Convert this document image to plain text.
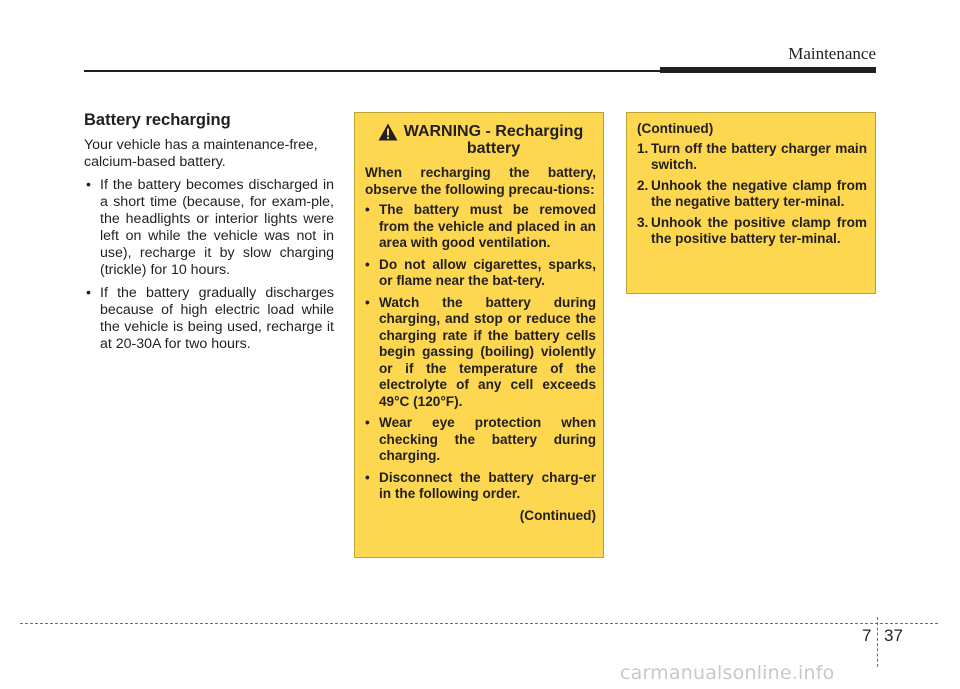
Maintenance
Battery recharging

Your vehicle has a maintenance-free, calcium-based battery.

• If the battery becomes discharged in a short time (because, for exam-ple, the headlights or interior lights were left on while the vehicle was not in use), recharge it by slow charging (trickle) for 10 hours.
• If the battery gradually discharges because of high electric load while the vehicle is being used, recharge it at 20-30A for two hours.
WARNING - Recharging
battery

When recharging the battery, observe the following precau-tions:

• The battery must be removed from the vehicle and placed in an area with good ventilation.
• Do not allow cigarettes, sparks, or flame near the bat-tery.
• Watch the battery during charging, and stop or reduce the charging rate if the battery cells begin gassing (boiling) violently or if the temperature of the electrolyte of any cell exceeds 49°C (120°F).
• Wear eye protection when checking the battery during charging.
• Disconnect the battery charg-er in the following order.
(Continued)
(Continued)
1. Turn off the battery charger main switch.
2. Unhook the negative clamp from the negative battery ter-minal.
3. Unhook the positive clamp from the positive battery ter-minal.
7 37
carmanualsonline.info
